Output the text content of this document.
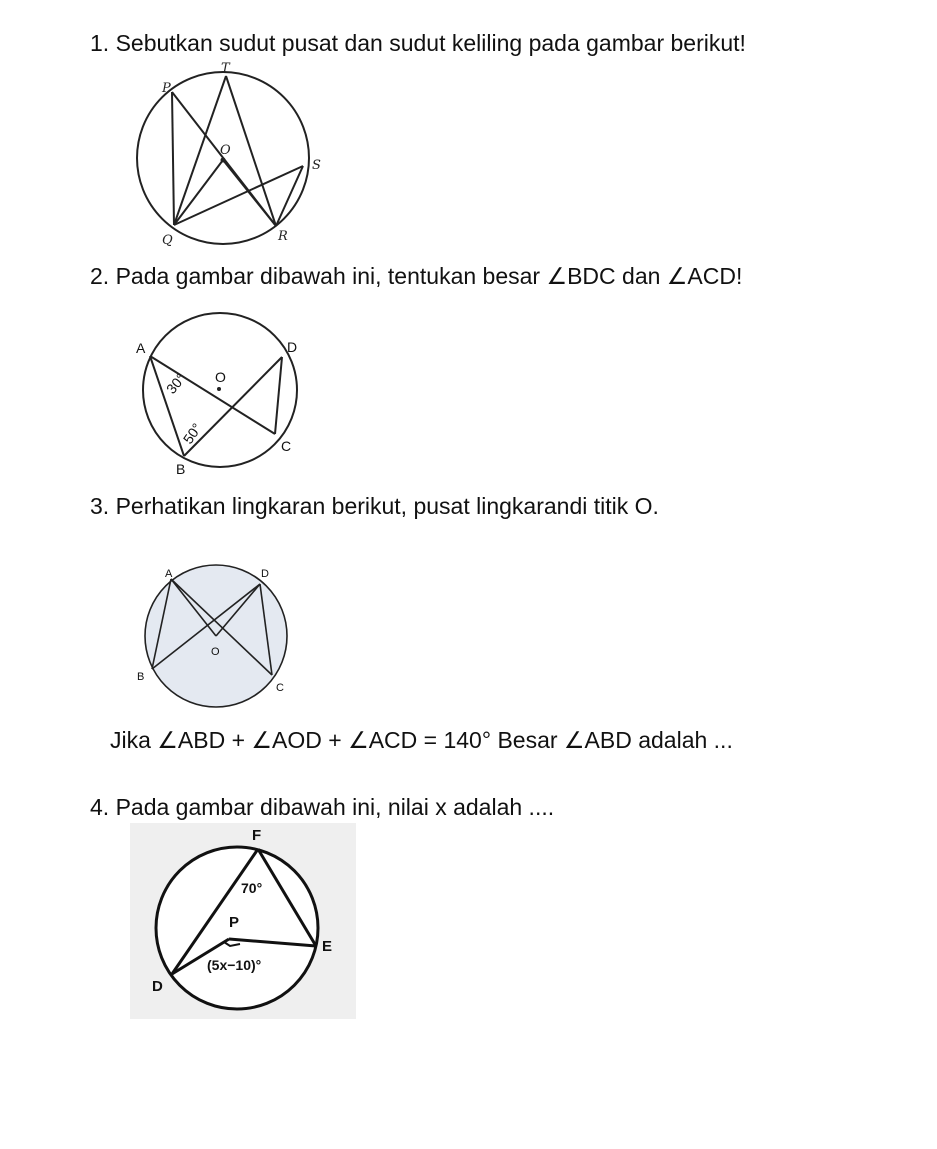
1. Sebutkan sudut pusat dan sudut keliling pada gambar berikut!
T
P
O
S
Q	R
2. Pada gambar dibawah ini, tentukan besar ∠BDC dan ∠ACD!
A	D
O
C
B
30°
50°
3. Perhatikan lingkaran berikut, pusat lingkarandi titik O.
A	D
O
B
C
Jika ∠ABD + ∠AOD + ∠ACD = 140° Besar ∠ABD adalah ...
4. Pada gambar dibawah ini, nilai x adalah ....
F
P
E
D
70°
(5x−10)°
